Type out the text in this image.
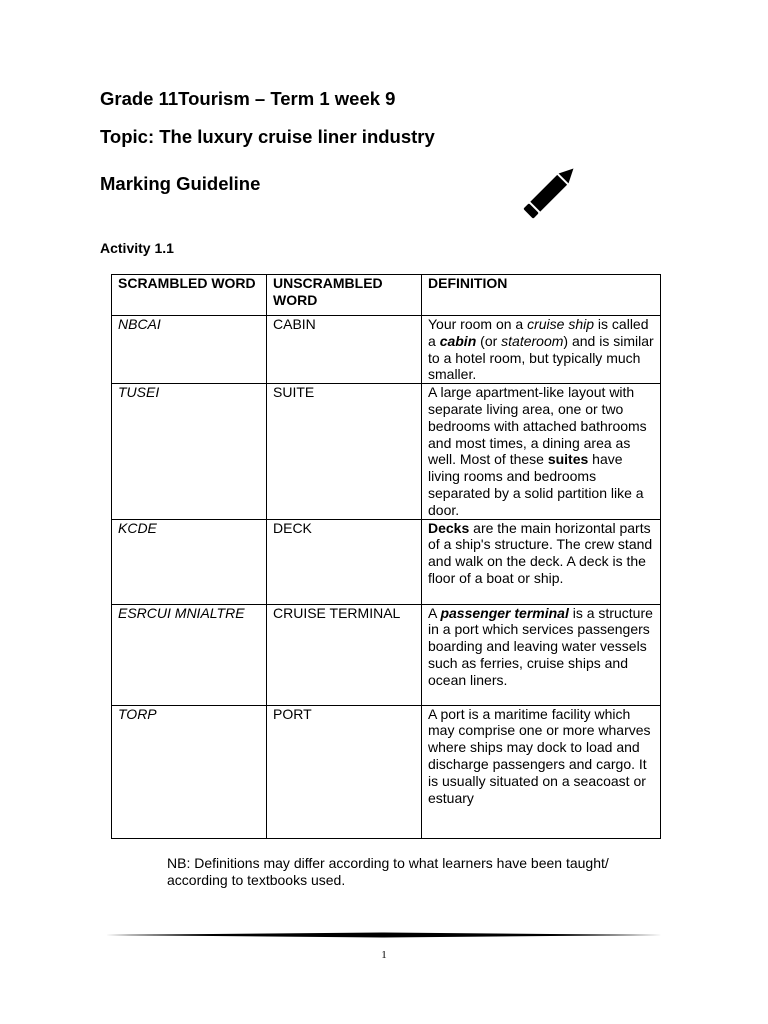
Grade 11Tourism – Term 1 week 9
Topic: The luxury cruise liner industry
Marking Guideline
Activity 1.1
SCRAMBLED WORD	UNSCRAMBLED WORD	DEFINITION
NBCAI	CABIN	Your room on a cruise ship is called a cabin (or stateroom) and is similar to a hotel room, but typically much smaller.
TUSEI	SUITE	A large apartment-like layout with separate living area, one or two bedrooms with attached bathrooms and most times, a dining area as well. Most of these suites have living rooms and bedrooms separated by a solid partition like a door.
KCDE	DECK	Decks are the main horizontal parts of a ship's structure. The crew stand and walk on the deck. A deck is the floor of a boat or ship.
ESRCUI MNIALTRE	CRUISE TERMINAL	A passenger terminal is a structure in a port which services passengers boarding and leaving water vessels such as ferries, cruise ships and ocean liners.
TORP	PORT	A port is a maritime facility which may comprise one or more wharves where ships may dock to load and discharge passengers and cargo. It is usually situated on a seacoast or estuary

NB: Definitions may differ according to what learners have been taught/ according to textbooks used.

1
